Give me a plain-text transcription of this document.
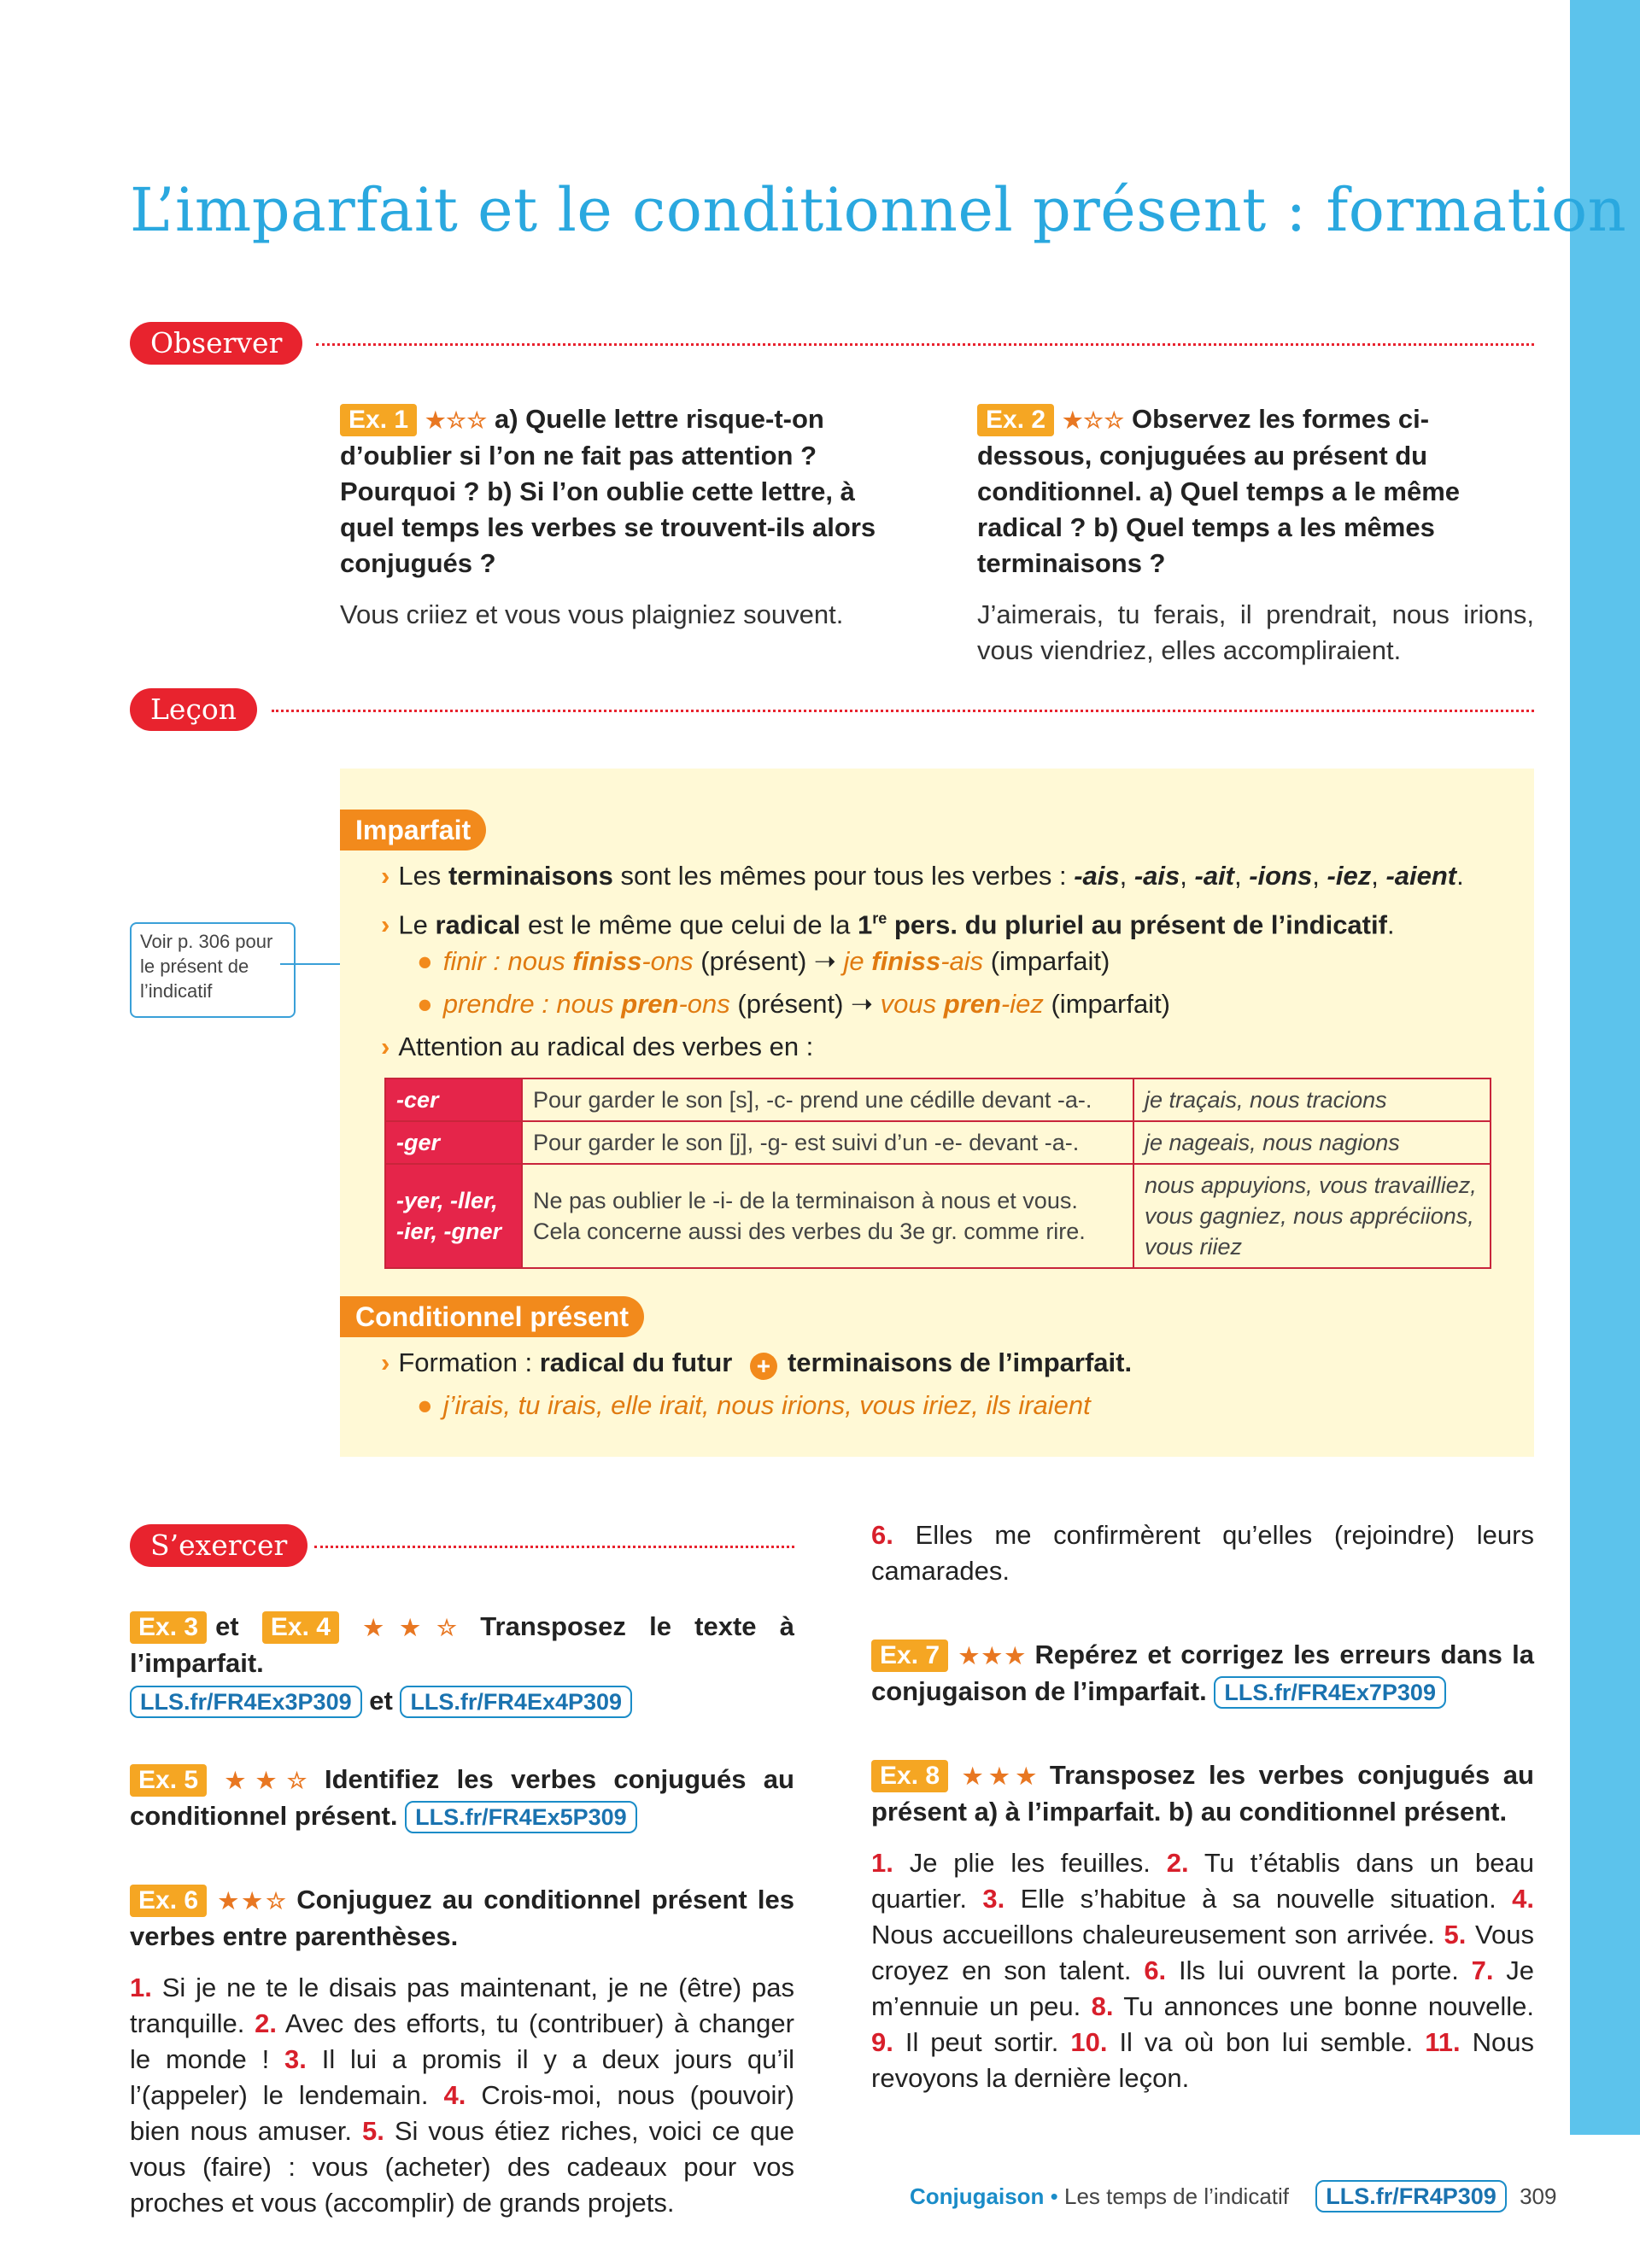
L’imparfait et le conditionnel présent : formation
Observer
Ex. 1 ★☆☆ a) Quelle lettre risque-t-on d’oublier si l’on ne fait pas attention ? Pourquoi ? b) Si l’on oublie cette lettre, à quel temps les verbes se trouvent-ils alors conjugués ?
Vous criiez et vous vous plaigniez souvent.
Ex. 2 ★☆☆ Observez les formes ci-dessous, conjuguées au présent du conditionnel. a) Quel temps a le même radical ? b) Quel temps a les mêmes terminaisons ?
J’aimerais, tu ferais, il prendrait, nous irions, vous viendriez, elles accompliraient.
Leçon
Voir p. 306 pour le présent de l’indicatif
Imparfait
› Les terminaisons sont les mêmes pour tous les verbes : -ais, -ais, -ait, -ions, -iez, -aient.
› Le radical est le même que celui de la 1re pers. du pluriel au présent de l’indicatif.
● finir : nous finiss-ons (présent) ➝ je finiss-ais (imparfait)
● prendre : nous pren-ons (présent) ➝ vous pren-iez (imparfait)
› Attention au radical des verbes en :
-cer	Pour garder le son [s], -c- prend une cédille devant -a-.	je traçais, nous tracions
-ger	Pour garder le son [j], -g- est suivi d’un -e- devant -a-.	je nageais, nous nagions
-yer, -ller, -ier, -gner	Ne pas oublier le -i- de la terminaison à nous et vous. Cela concerne aussi des verbes du 3e gr. comme rire.	nous appuyions, vous travailliez, vous gagniez, nous appréciions, vous riiez
Conditionnel présent
› Formation : radical du futur + terminaisons de l’imparfait.
● j’irais, tu irais, elle irait, nous irions, vous iriez, ils iraient
S’exercer
Ex. 3 et Ex. 4 ★★☆ Transposez le texte à l’imparfait.
LLS.fr/FR4Ex3P309 et LLS.fr/FR4Ex4P309
Ex. 5 ★★☆ Identifiez les verbes conjugués au conditionnel présent. LLS.fr/FR4Ex5P309
Ex. 6 ★★☆ Conjuguez au conditionnel présent les verbes entre parenthèses.
1. Si je ne te le disais pas maintenant, je ne (être) pas tranquille. 2. Avec des efforts, tu (contribuer) à changer le monde ! 3. Il lui a promis il y a deux jours qu’il l’(appeler) le lendemain. 4. Crois-moi, nous (pouvoir) bien nous amuser. 5. Si vous étiez riches, voici ce que vous (faire) : vous (acheter) des cadeaux pour vos proches et vous (accomplir) de grands projets.
6. Elles me confirmèrent qu’elles (rejoindre) leurs camarades.
Ex. 7 ★★★ Repérez et corrigez les erreurs dans la conjugaison de l’imparfait. LLS.fr/FR4Ex7P309
Ex. 8 ★★★ Transposez les verbes conjugués au présent a) à l’imparfait. b) au conditionnel présent.
1. Je plie les feuilles. 2. Tu t’établis dans un beau quartier. 3. Elle s’habitue à sa nouvelle situation. 4. Nous accueillons chaleureusement son arrivée. 5. Vous croyez en son talent. 6. Ils lui ouvrent la porte. 7. Je m’ennuie un peu. 8. Tu annonces une bonne nouvelle. 9. Il peut sortir. 10. Il va où bon lui semble. 11. Nous revoyons la dernière leçon.
Conjugaison • Les temps de l’indicatif LLS.fr/FR4P309 309
